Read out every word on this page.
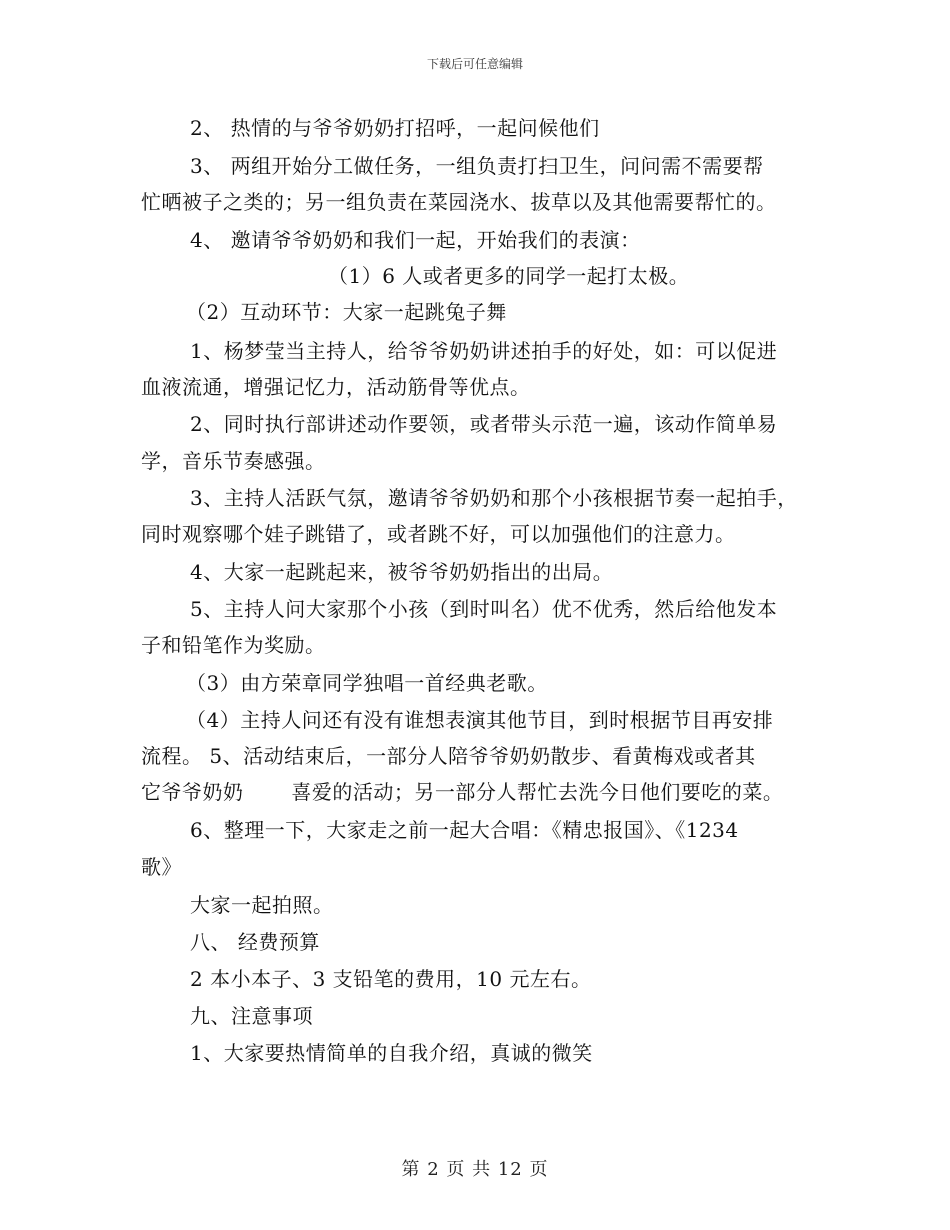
下载后可任意编辑
2、 热情的与爷爷奶奶打招呼，一起问候他们
3、 两组开始分工做任务，一组负责打扫卫生，问问需不需要帮
忙晒被子之类的；另一组负责在菜园浇水、拔草以及其他需要帮忙的。
4、 邀请爷爷奶奶和我们一起，开始我们的表演：
（1）6 人或者更多的同学一起打太极。
（2）互动环节：大家一起跳兔子舞
1、杨梦莹当主持人，给爷爷奶奶讲述拍手的好处，如：可以促进
血液流通，增强记忆力，活动筋骨等优点。
2、同时执行部讲述动作要领，或者带头示范一遍，该动作简单易
学，音乐节奏感强。
3、主持人活跃气氛，邀请爷爷奶奶和那个小孩根据节奏一起拍手，
同时观察哪个娃子跳错了，或者跳不好，可以加强他们的注意力。
4、大家一起跳起来，被爷爷奶奶指出的出局。
5、主持人问大家那个小孩（到时叫名）优不优秀，然后给他发本
子和铅笔作为奖励。
（3）由方荣章同学独唱一首经典老歌。
（4）主持人问还有没有谁想表演其他节目，到时根据节目再安排
流程。 5、活动结束后，一部分人陪爷爷奶奶散步、看黄梅戏或者其
它爷爷奶奶 　　喜爱的活动；另一部分人帮忙去洗今日他们要吃的菜。
6、整理一下，大家走之前一起大合唱：《精忠报国》、《1234
歌》
大家一起拍照。
八、 经费预算
2 本小本子、3 支铅笔的费用，10 元左右。
九、注意事项
1、大家要热情简单的自我介绍，真诚的微笑
第 2 页 共 12 页
